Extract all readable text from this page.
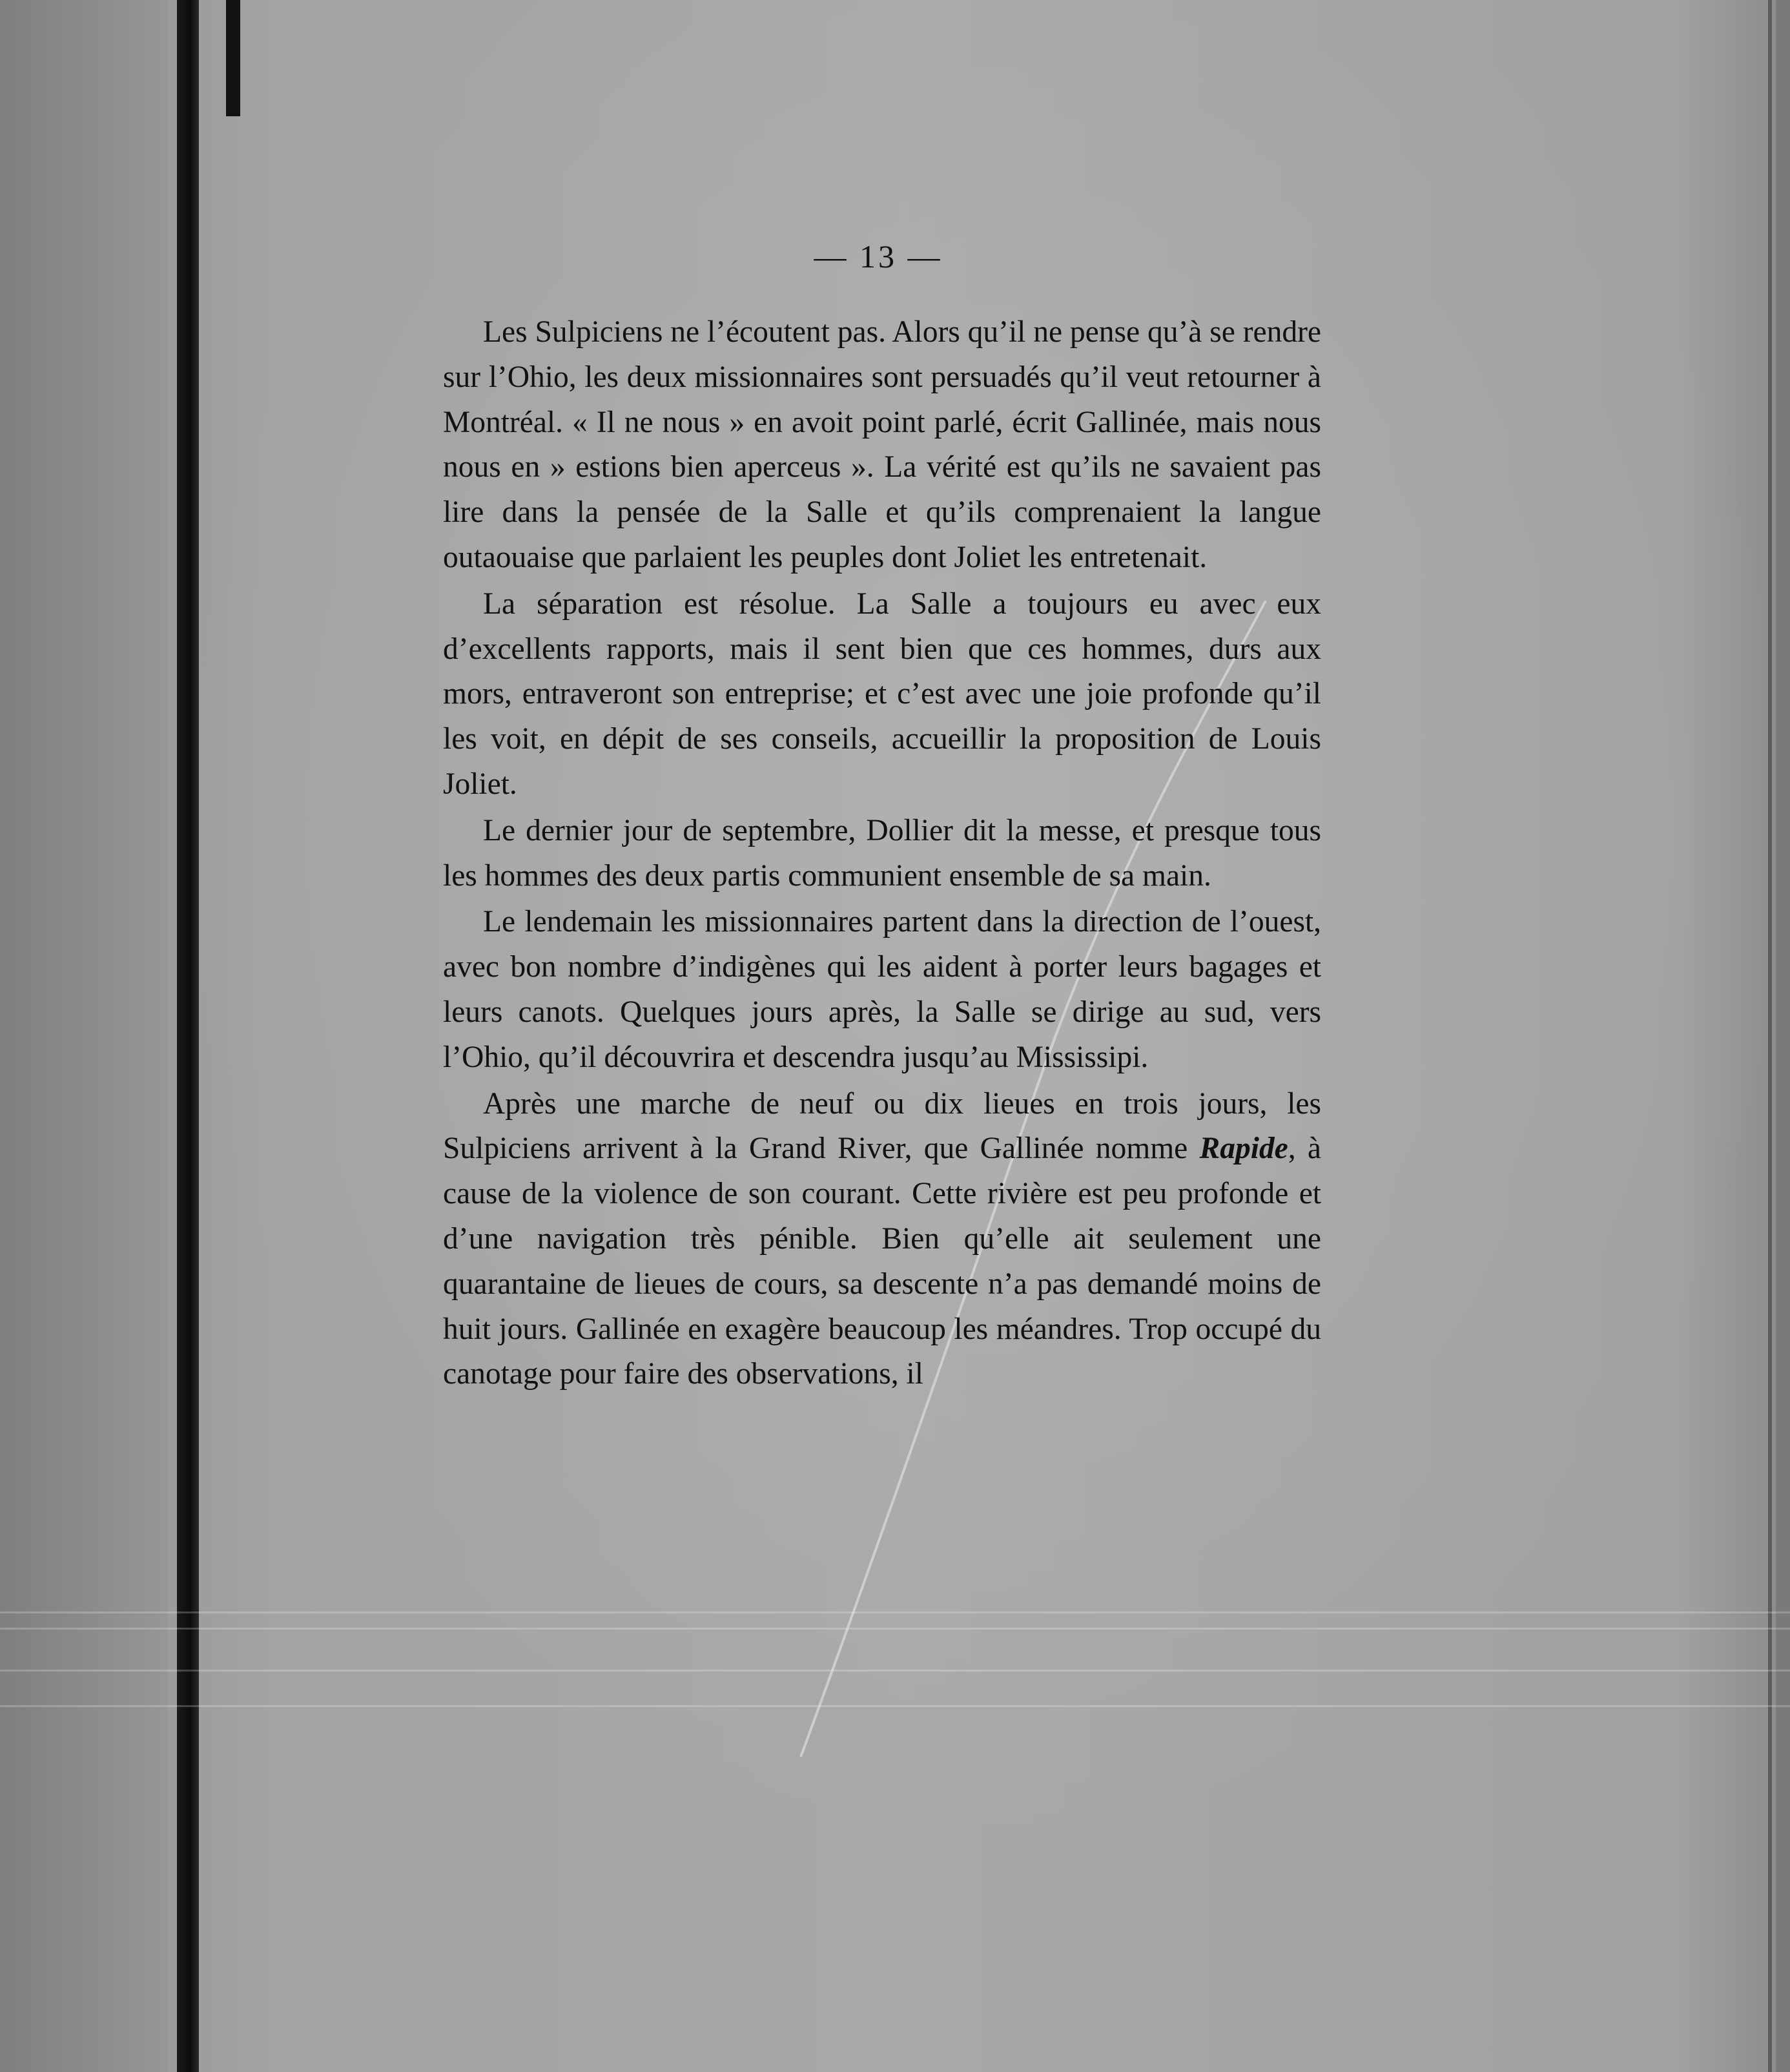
— 13 —

Les Sulpiciens ne l’écoutent pas. Alors qu’il ne pense qu’à se rendre sur l’Ohio, les deux missionnaires sont persuadés qu’il veut retourner à Montréal. « Il ne nous » en avoit point parlé, écrit Gallinée, mais nous nous en » estions bien aperceus ». La vérité est qu’ils ne savaient pas lire dans la pensée de la Salle et qu’ils comprenaient la langue outaouaise que parlaient les peuples dont Joliet les entretenait.

La séparation est résolue. La Salle a toujours eu avec eux d’excellents rapports, mais il sent bien que ces hommes, durs aux mors, entraveront son entreprise; et c’est avec une joie profonde qu’il les voit, en dépit de ses conseils, accueillir la proposition de Louis Joliet.

Le dernier jour de septembre, Dollier dit la messe, et presque tous les hommes des deux partis communient ensemble de sa main.

Le lendemain les missionnaires partent dans la direction de l’ouest, avec bon nombre d’indigènes qui les aident à porter leurs bagages et leurs canots. Quelques jours après, la Salle se dirige au sud, vers l’Ohio, qu’il découvrira et descendra jusqu’au Mississipi.

Après une marche de neuf ou dix lieues en trois jours, les Sulpiciens arrivent à la Grand River, que Gallinée nomme Rapide, à cause de la violence de son courant. Cette rivière est peu profonde et d’une navigation très pénible. Bien qu’elle ait seulement une quarantaine de lieues de cours, sa descente n’a pas demandé moins de huit jours. Gallinée en exagère beaucoup les méandres. Trop occupé du canotage pour faire des observations, il
